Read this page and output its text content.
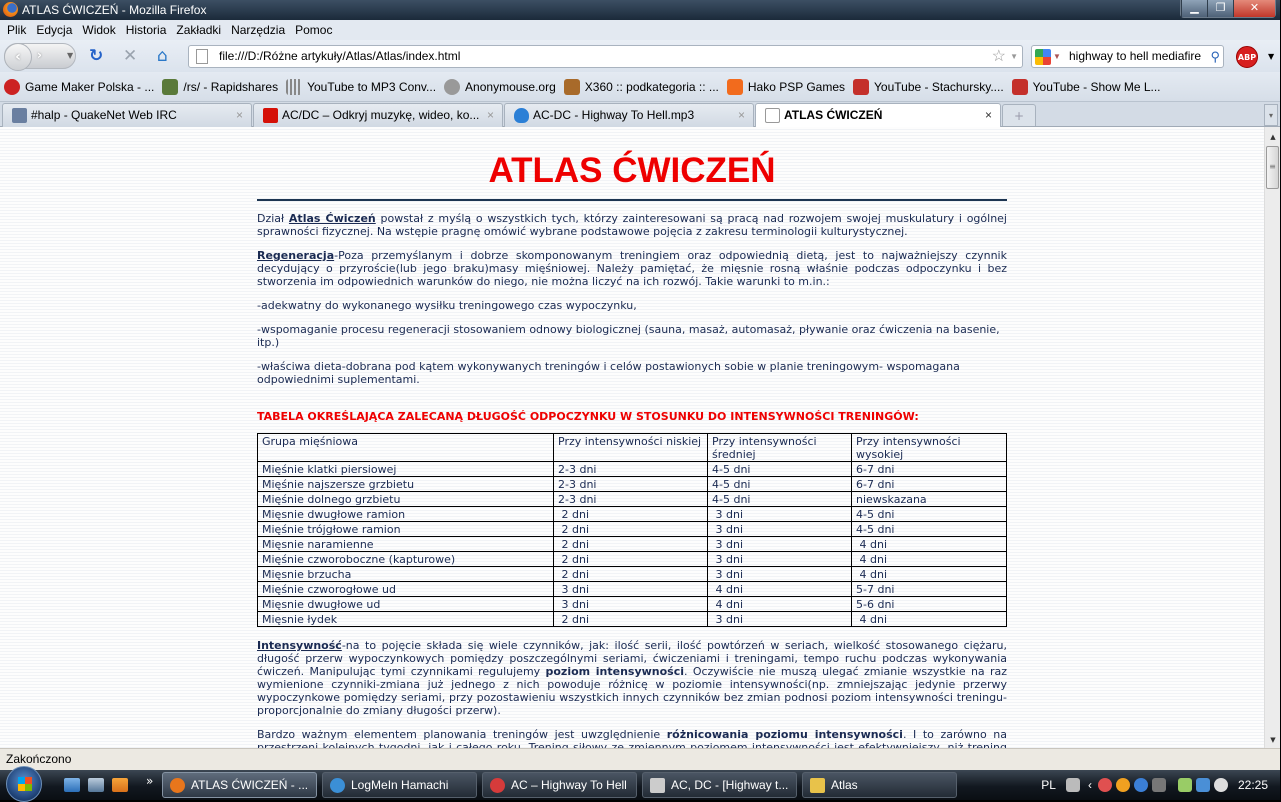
ATLAS ĆWICZEŃ - Mozilla Firefox	▁	❐	✕
Plik Edycja Widok Historia Zakładki Narzędzia Pomoc
‹	›	▼ ↻ ✕ ⌂	file:///D:/Różne artykuły/Atlas/Atlas/index.html	☆ ▼	▼ highway to hell mediafire ⚲ ABP ▼
Game Maker Polska - ... /rs/ - Rapidshares YouTube to MP3 Conv... Anonymouse.org X360 :: podkategoria :: ... Hako PSP Games YouTube - Stachursky.... YouTube - Show Me L...
#halp - QuakeNet Web IRC	×	AC/DC – Odkryj muzykę, wideo, ko... ×	AC-DC - Highway To Hell.mp3	×	ATLAS ĆWICZEŃ	×	+	▾
ATLAS ĆWICZEŃ

Dział Atlas Ćwiczeń powstał z myślą o wszystkich tych, którzy zainteresowani są pracą nad rozwojem swojej muskulatury i ogólnej sprawności fizycznej. Na wstępie pragnę omówić wybrane podstawowe pojęcia z zakresu terminologii kulturystycznej.

Regeneracja-Poza przemyślanym i dobrze skomponowanym treningiem oraz odpowiednią dietą, jest to najważniejszy czynnik decydujący o przyroście(lub jego braku)masy mięśniowej. Należy pamiętać, że mięsnie rosną właśnie podczas odpoczynku i bez stworzenia im odpowiednich warunków do niego, nie można liczyć na ich rozwój. Takie warunki to m.in.:

-adekwatny do wykonanego wysiłku treningowego czas wypoczynku,

-wspomaganie procesu regeneracji stosowaniem odnowy biologicznej (sauna, masaż, automasaż, pływanie oraz ćwiczenia na basenie, itp.)

-właściwa dieta-dobrana pod kątem wykonywanych treningów i celów postawionych sobie w planie treningowym- wspomagana odpowiednimi suplementami.

TABELA OKREŚLAJĄCA ZALECANĄ DŁUGOŚĆ ODPOCZYNKU W STOSUNKU DO INTENSYWNOŚCI TRENINGÓW:
Grupa mięśniowa	Przy intensywności niskiej	Przy intensywności średniej	Przy intensywności wysokiej
Mięśnie klatki piersiowej	2-3 dni	4-5 dni	6-7 dni
Mięśnie najszersze grzbietu	2-3 dni	4-5 dni	6-7 dni
Mięśnie dolnego grzbietu	2-3 dni	4-5 dni	niewskazana
Mięsnie dwugłowe ramion	2 dni	3 dni	4-5 dni
Mięśnie trójgłowe ramion	2 dni	3 dni	4-5 dni
Mięsnie naramienne	2 dni	3 dni	4 dni
Mięśnie czworoboczne (kapturowe)	2 dni	3 dni	4 dni
Mięsnie brzucha	2 dni	3 dni	4 dni
Mięśnie czworogłowe ud	3 dni	4 dni	5-7 dni
Mięsnie dwugłowe ud	3 dni	4 dni	5-6 dni
Mięsnie łydek	2 dni	3 dni	4 dni

Intensywność-na to pojęcie składa się wiele czynników, jak: ilość serii, ilość powtórzeń w seriach, wielkość stosowanego ciężaru, długość przerw wypoczynkowych pomiędzy poszczególnymi seriami, ćwiczeniami i treningami, tempo ruchu podczas wykonywania ćwiczeń. Manipulując tymi czynnikami regulujemy poziom intensywności. Oczywiście nie muszą ulegać zmianie wszystkie na raz wymienione czynniki-zmiana już jednego z nich powoduje różnicę w poziomie intensywności(np. zmniejszając jedynie przerwy wypoczynkowe pomiędzy seriami, przy pozostawieniu wszystkich innych czynników bez zmian podnosi poziom intensywności treningu-proporcjonalnie do zmiany długości przerw).

Bardzo ważnym elementem planowania treningów jest uwzględnienie różnicowania poziomu intensywności. I to zarówno na

▲
≡
▼
Zakończono
»	ATLAS ĆWICZEŃ - ...	LogMeIn Hamachi	AC – Highway To Hell	AC, DC - [Highway t...	Atlas	PL	‹	22:25
